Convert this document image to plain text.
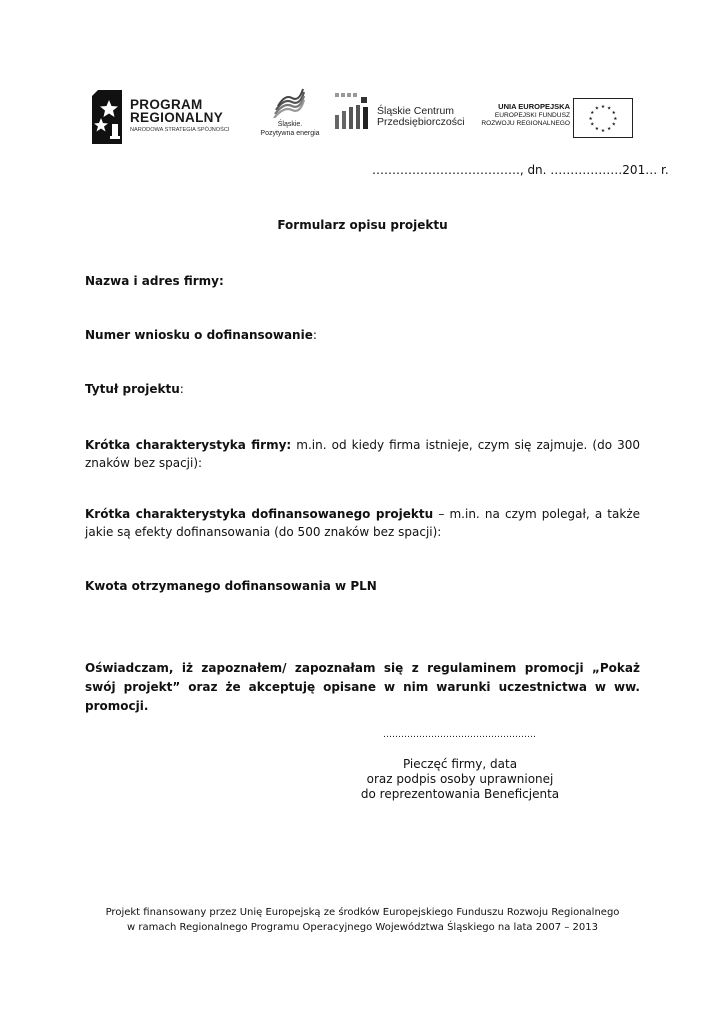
PROGRAM
REGIONALNY
NARODOWA STRATEGIA SPÓJNOŚCI
Śląskie.
Pozytywna energia
Śląskie Centrum
Przedsiębiorczości
UNIA EUROPEJSKA
EUROPEJSKI FUNDUSZ
ROZWOJU REGIONALNEGO
★ ★
★
★
★
★
★
★
★
★
★
★
………………………………., dn. ………………201… r.
Formularz opisu projektu
Nazwa i adres firmy:
Numer wniosku o dofinansowanie:
Tytuł projektu:
Krótka charakterystyka firmy: m.in. od kiedy firma istnieje, czym się zajmuje. (do 300 znaków bez spacji):
Krótka charakterystyka dofinansowanego projektu – m.in. na czym polegał, a także jakie są efekty dofinansowania (do 500 znaków bez spacji):
Kwota otrzymanego dofinansowania w PLN
Oświadczam, iż zapoznałem/ zapoznałam się z regulaminem promocji „Pokaż swój projekt” oraz że akceptuję opisane w nim warunki uczestnictwa w ww. promocji.
……………………………………………
Pieczęć firmy, data
oraz podpis osoby uprawnionej
do reprezentowania Beneficjenta
Projekt finansowany przez Unię Europejską ze środków Europejskiego Funduszu Rozwoju Regionalnego
w ramach Regionalnego Programu Operacyjnego Województwa Śląskiego na lata 2007 – 2013
